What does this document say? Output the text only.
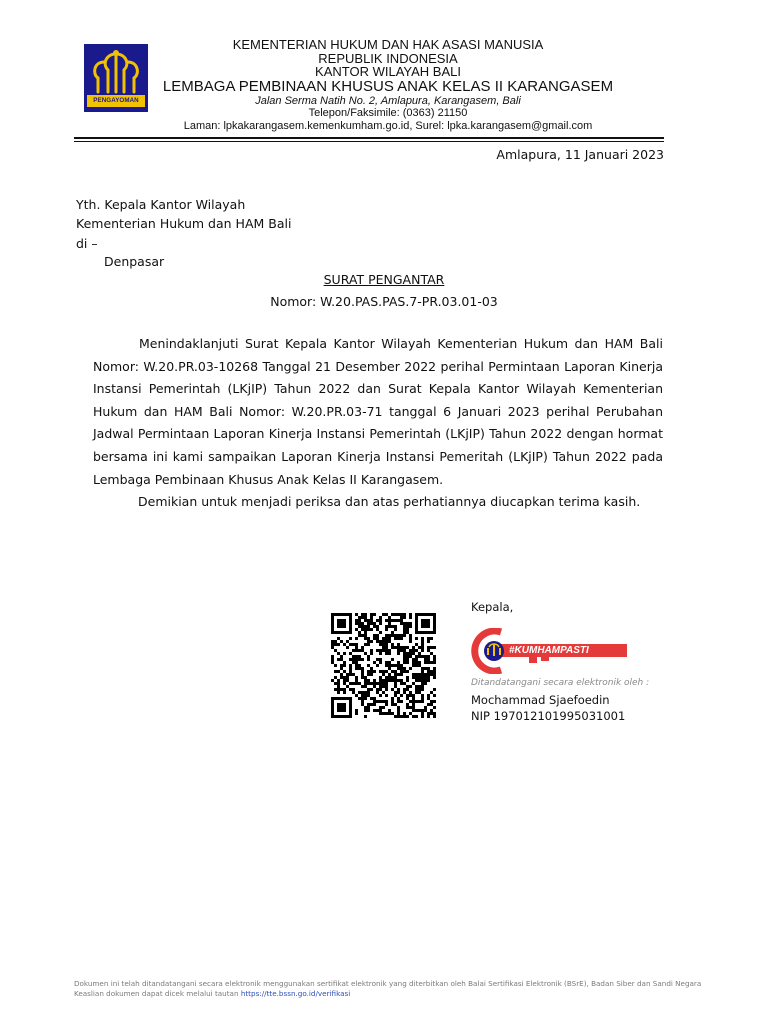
PENGAYOMAN
KEMENTERIAN HUKUM DAN HAK ASASI MANUSIA
REPUBLIK INDONESIA
KANTOR WILAYAH BALI
LEMBAGA PEMBINAAN KHUSUS ANAK KELAS II KARANGASEM
Jalan Serma Natih No. 2, Amlapura, Karangasem, Bali
Telepon/Faksimile: (0363) 21150
Laman: lpkakarangasem.kemenkumham.go.id, Surel: lpka.karangasem@gmail.com
Amlapura, 11 Januari 2023
Yth. Kepala Kantor Wilayah
Kementerian Hukum dan HAM Bali
di –
Denpasar
SURAT PENGANTAR
Nomor: W.20.PAS.PAS.7-PR.03.01-03

Menindaklanjuti Surat Kepala Kantor Wilayah Kementerian Hukum dan HAM Bali Nomor: W.20.PR.03-10268 Tanggal 21 Desember 2022 perihal Permintaan Laporan Kinerja Instansi Pemerintah (LKjIP) Tahun 2022 dan Surat Kepala Kantor Wilayah Kementerian Hukum dan HAM Bali Nomor: W.20.PR.03-71 tanggal 6 Januari 2023 perihal Perubahan Jadwal Permintaan Laporan Kinerja Instansi Pemerintah (LKjIP) Tahun 2022 dengan hormat bersama ini kami sampaikan Laporan Kinerja Instansi Pemeritah (LKjIP) Tahun 2022 pada Lembaga Pembinaan Khusus Anak Kelas II Karangasem.

Demikian untuk menjadi periksa dan atas perhatiannya diucapkan terima kasih.
Kepala,
#KUMHAMPASTI
Ditandatangani secara elektronik oleh :
Mochammad Sjaefoedin
NIP 197012101995031001
Dokumen ini telah ditandatangani secara elektronik menggunakan sertifikat elektronik yang diterbitkan oleh Balai Sertifikasi Elektronik (BSrE), Badan Siber dan Sandi Negara
Keaslian dokumen dapat dicek melalui tautan https://tte.bssn.go.id/verifikasi
